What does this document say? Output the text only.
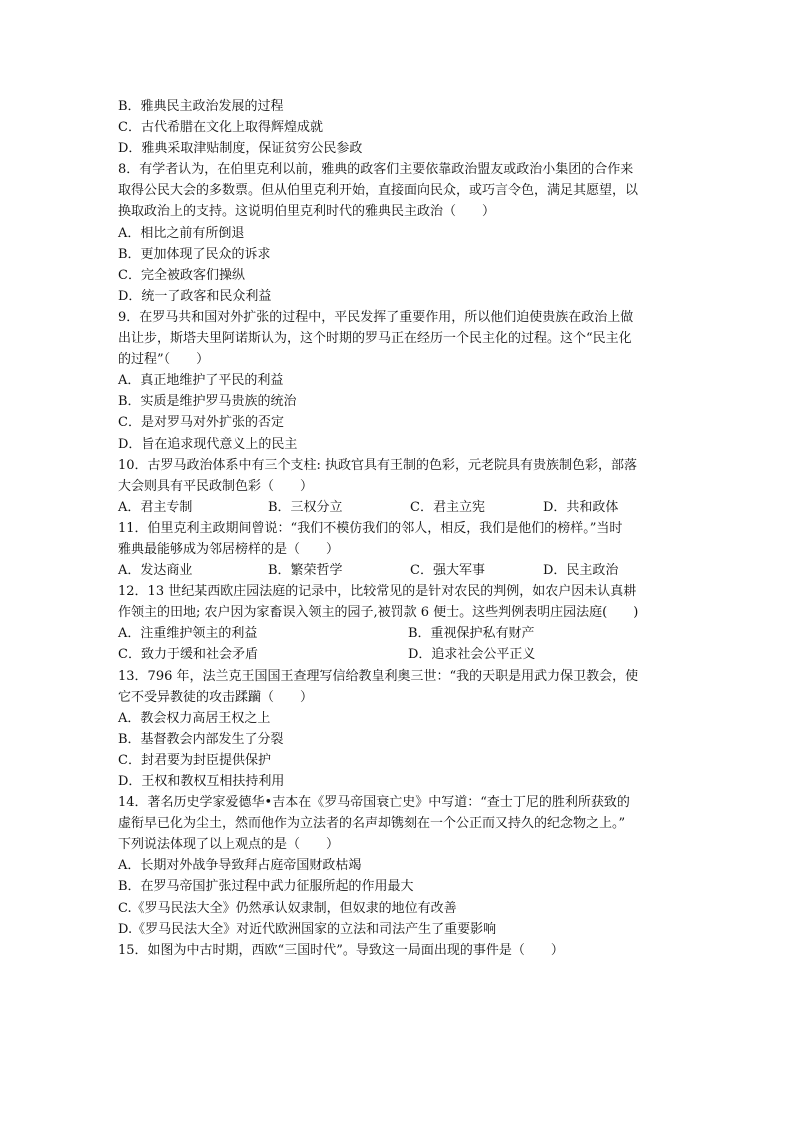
B．雅典民主政治发展的过程
C．古代希腊在文化上取得辉煌成就
D．雅典采取津贴制度，保证贫穷公民参政
8．有学者认为，在伯里克利以前，雅典的政客们主要依靠政治盟友或政治小集团的合作来
取得公民大会的多数票。但从伯里克利开始，直接面向民众，或巧言令色，满足其愿望，以
换取政治上的支持。这说明伯里克利时代的雅典民主政治（　　）
A．相比之前有所倒退
B．更加体现了民众的诉求
C．完全被政客们操纵
D．统一了政客和民众利益
9．在罗马共和国对外扩张的过程中，平民发挥了重要作用，所以他们迫使贵族在政治上做
出让步，斯塔夫里阿诺斯认为，这个时期的罗马正在经历一个民主化的过程。这个“民主化
的过程”（　　）
A．真正地维护了平民的利益
B．实质是维护罗马贵族的统治
C．是对罗马对外扩张的否定
D．旨在追求现代意义上的民主
10．古罗马政治体系中有三个支柱: 执政官具有王制的色彩，元老院具有贵族制色彩，部落
大会则具有平民政制色彩（　　）
A．君主专制	B．三权分立	C．君主立宪	D．共和政体
11．伯里克利主政期间曾说：“我们不模仿我们的邻人，相反，我们是他们的榜样。”当时
雅典最能够成为邻居榜样的是（　　）
A．发达商业	B．繁荣哲学	C．强大军事	D．民主政治
12．13 世纪某西欧庄园法庭的记录中，比较常见的是针对农民的判例，如农户因未认真耕
作领主的田地; 农户因为家畜误入领主的园子,被罚款 6 便士。这些判例表明庄园法庭(　　)
A．注重维护领主的利益	B．重视保护私有财产
C．致力于缓和社会矛盾	D．追求社会公平正义
13．796 年，法兰克王国国王查理写信给教皇利奥三世：“我的天职是用武力保卫教会，使
它不受异教徒的攻击蹂躏（　　）
A．教会权力高居王权之上
B．基督教会内部发生了分裂
C．封君要为封臣提供保护
D．王权和教权互相扶持利用
14．著名历史学家爱德华•吉本在《罗马帝国衰亡史》中写道：“查士丁尼的胜利所获致的
虚衔早已化为尘土，然而他作为立法者的名声却镌刻在一个公正而又持久的纪念物之上。”
下列说法体现了以上观点的是（　　）
A．长期对外战争导致拜占庭帝国财政枯竭
B．在罗马帝国扩张过程中武力征服所起的作用最大
C.《罗马民法大全》仍然承认奴隶制，但奴隶的地位有改善
D.《罗马民法大全》对近代欧洲国家的立法和司法产生了重要影响
15．如图为中古时期，西欧“三国时代”。导致这一局面出现的事件是（　　）
